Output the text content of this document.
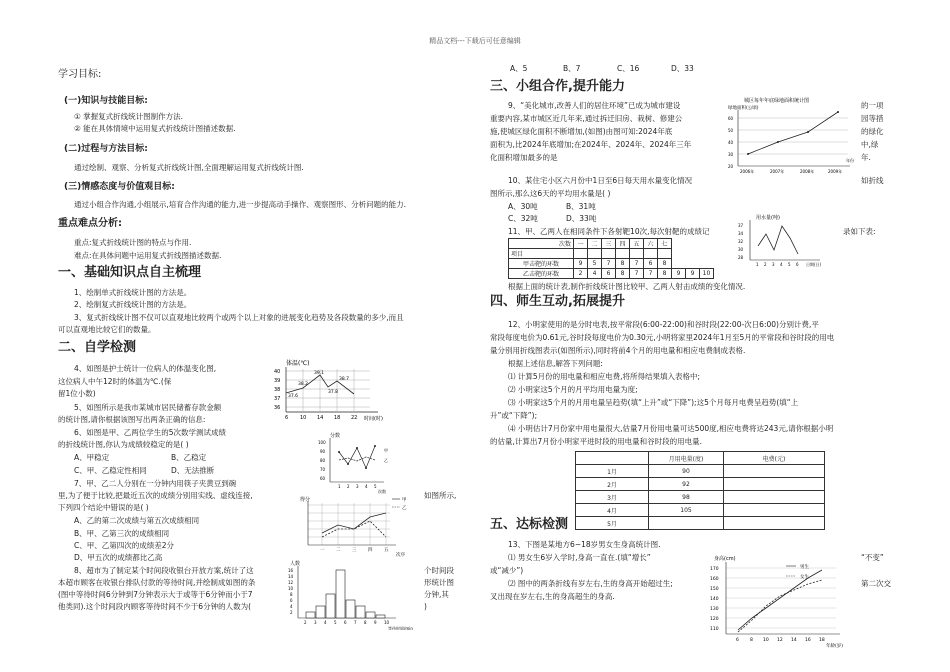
精品文档---下载后可任意编辑
学习目标:
(一)知识与技能目标:
① 掌握复式折线统计图制作方法.
② 能在具体情境中运用复式折线统计图描述数据.
(二)过程与方法目标:
通过绘制、观察、分析复式折线统计图,全面理解运用复式折线统计图.
(三)情感态度与价值观目标:
通过小组合作沟通,小组展示,培育合作沟通的能力,进一步提高动手操作、观察图形、分析问题的能力.
重点难点分析:
重点:复式折线统计图的特点与作用.
难点:在具体问题中运用复式折线图描述数据.
一、基础知识点自主梳理
1、绘制单式折线统计图的方法是。
2、绘制复式折线统计图的方法是。
3、复式折线统计图不仅可以直观地比较两个或两个以上对象的进展变化趋势及各段数量的多少,而且
可以直观地比较它们的数量。
二、自学检测
4、如图是护士统计一位病人的体温变化图,
这位病人中午12时的体温为℃.(保
留1位小数)
5、如图所示是我市某城市居民储蓄存款金额
的统计图,请你根据该图写出两条正确的信息:
6、如图是甲、乙两位学生的5次数学测试成绩
的折线统计图,你认为成绩较稳定的是( )
A、甲稳定	B、乙稳定
C、甲、乙稳定性相同	D、无法推断
7、甲、乙二人分别在一分钟内用筷子夹黄豆到碗
里,为了便于比较,把最近五次的成绩分别用实线、虚线连接,	如图所示,
下列四个结论中错误的是( )
A、乙的第二次成绩与第五次成绩相同
B、甲、乙第三次的成绩相同
C、甲、乙第四次的成绩差2分
D、甲五次的成绩都比乙高
8、超市为了制定某个时间段收银台开放方案,统计了这	个时间段
本超市顾客在收银台排队付款的等待时间,并绘制成如图的条	形统计图
(图中等待时间6分钟到7分钟表示大于或等于6分钟而小于7	分钟,其
他类同).这个时间段内顾客等待时间不少于6分钟的人数为(	)
体温(℃)
40
39
38
37
36
6 10 14 18 22 时间(时)
37.6
38.2
39.1
37.8
38.7
分数
100
90
80
70
60
1 2 3 4 5
次数
甲
乙
得分
一	二	三	四	五
次序
甲
乙
人数
16
14
12
10
8
6
4
2
2 3 4 5 6 7 8 9 10
等待时间/min
A、5	B、7	C、16	D、33
三、小组合作,提升能力
9、“美化城市,改善人们的居住环境”已成为城市建设	的一项
重要内容,某市城区近几年来,通过拆迁旧房、栽树、修建公	园等措
施,使城区绿化面积不断增加,(如图)由图可知:2024年底	的绿化
面积为,比2024年底增加;在2024年、2024年、2024年三年	中,绿
化面积增加最多的是	年.
10、某住宅小区六月份中1日至6日每天用水量变化情况	如折线
图所示,那么这6天的平均用水量是( )
A、30吨	B、31吨
C、32吨	D、33吨
11、甲、乙两人在相同条件下各射靶10次,每次射靶的成绩记	录如下表:
次数	一	二	三	四	五	六	七			
项目										
甲击靶的环数	9	5	7	8	7	6	8			
乙击靶的环数	2	4	6	8	7	7	8	9	9	10
根据上面的统计表,制作折线统计图比较甲、乙两人射击成绩的变化情况.
四、师生互动,拓展提升
12、小明家使用的是分时电表,按平常段(6:00-22:00)和谷时段(22:00-次日6:00)分别计费,平
常段每度电价为0.61元,谷时段每度电价为0.30元,小明将家里2024年1月至5月的平常段和谷时段的用电
量分别用折线图表示(如图所示),同时将前4个月的用电量和相应电费制成表格.
根据上述信息,解答下列问题:
⑴ 计算5月份的用电量和相应电费,将所得结果填入表格中;
⑵ 小明家这5个月的月平均用电量为度;
⑶ 小明家这5个月的月用电量呈趋势(填“上升”或“下降”);这5个月每月电费呈趋势(填“上
升”或“下降”);
⑷ 小明估计7月份家中用电量很大,估量7月份用电量可达500度,相应电费将达243元,请你根据小明
的估量,计算出7月份小明家平进时段的用电量和谷时段的用电量.
	月用电量(度)	电费(元)
1月	90	
2月	92	
3月	98	
4月	105	
5月		
五、达标检测
13、下图是某地方6~18岁男女生身高统计图.
⑴ 男女生6岁入学时,身高一直在.(填“增长”	“不变”
或“减少”)
⑵ 图中的两条折线有岁左右,生的身高开始超过生;	第二次交
叉出现在岁左右,生的身高超生的身高.
城区每年年底绿地面积统计图
绿地面积(公顷)
60
50
40
30
20
2006年	2007年	2008年	2009年
年份
用水量(吨)
37
34
32
30
28
1 2 3 4 5 6 日期(日)
身高(cm)
170
160
150
140
130
120
110
6 8 10 12 14 16 18
年龄(岁)
男生
女生
